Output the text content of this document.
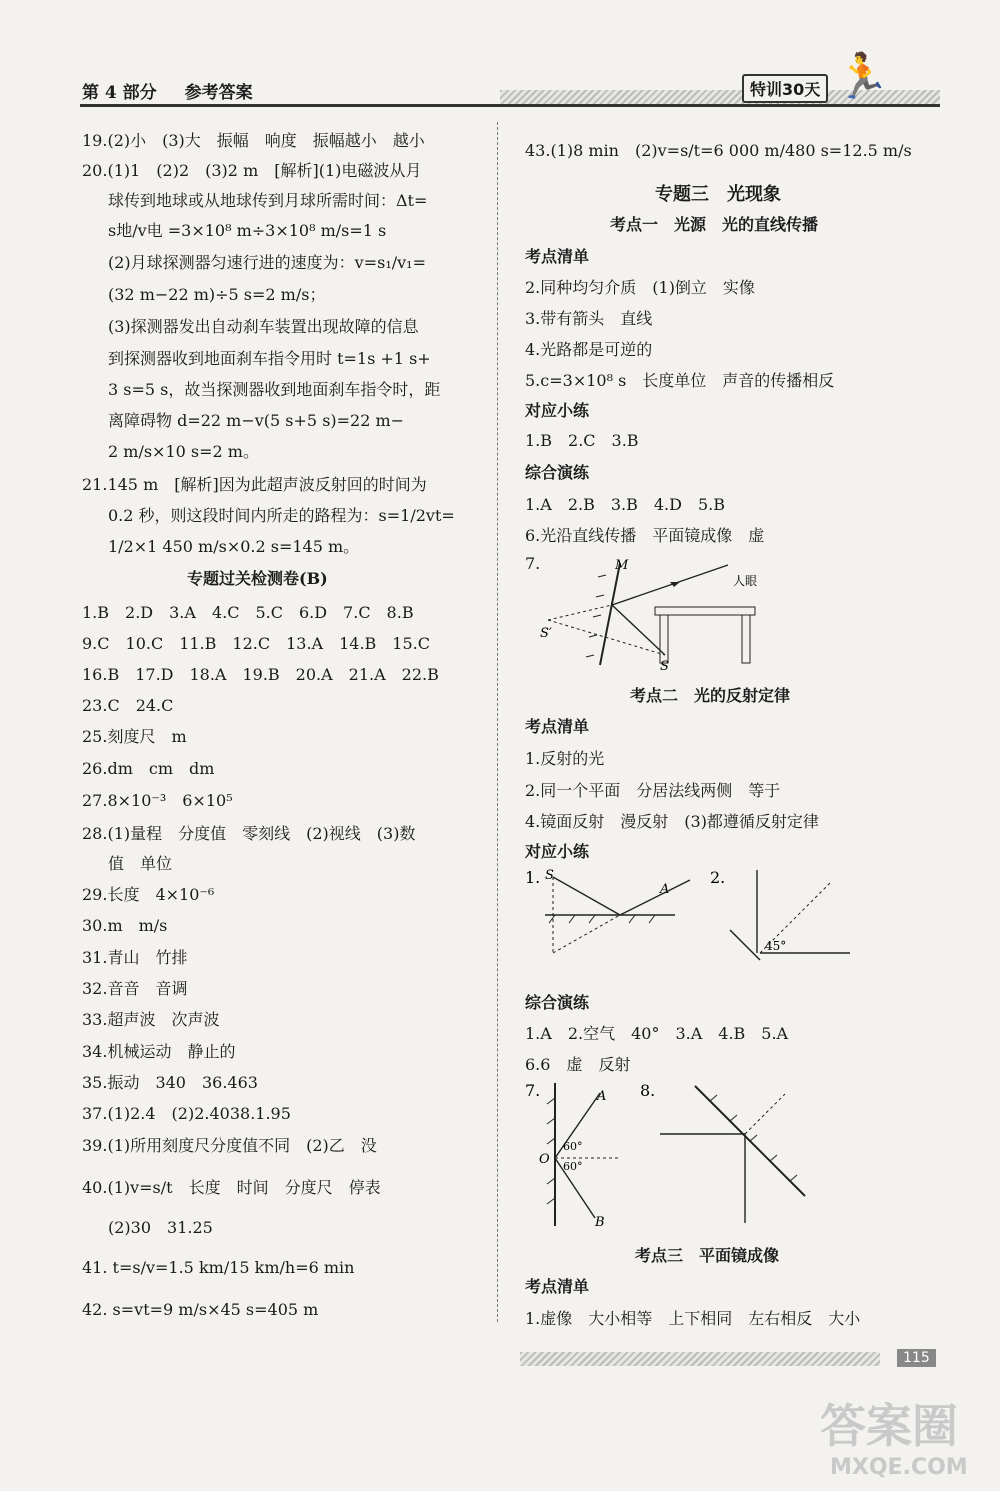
第 4 部分 参考答案	特训30天 🏃
19.(2)小　(3)大　振幅　响度　振幅越小　越小
20.(1)1　(2)2　(3)2 m　[解析](1)电磁波从月
球传到地球或从地球传到月球所需时间：Δt=
s地/v电 =3×10⁸ m÷3×10⁸ m/s=1 s
(2)月球探测器匀速行进的速度为：v=s₁/v₁=
(32 m−22 m)÷5 s=2 m/s；
(3)探测器发出自动刹车装置出现故障的信息
到探测器收到地面刹车指令用时 t=1s +1 s+
3 s=5 s，故当探测器收到地面刹车指令时，距
离障碍物 d=22 m−v(5 s+5 s)=22 m−
2 m/s×10 s=2 m。
21.145 m　[解析]因为此超声波反射回的时间为
0.2 秒，则这段时间内所走的路程为：s=1/2vt=
1/2×1 450 m/s×0.2 s=145 m。
专题过关检测卷(B)
1.B　2.D　3.A　4.C　5.C　6.D　7.C　8.B
9.C　10.C　11.B　12.C　13.A　14.B　15.C
16.B　17.D　18.A　19.B　20.A　21.A　22.B
23.C　24.C
25.刻度尺　m
26.dm　cm　dm
27.8×10⁻³　6×10⁵
28.(1)量程　分度值　零刻线　(2)视线　(3)数
值　单位
29.长度　4×10⁻⁶
30.m　m/s
31.青山　竹排
32.音音　音调
33.超声波　次声波
34.机械运动　静止的
35.振动　340　36.463
37.(1)2.4　(2)2.4038.1.95
39.(1)所用刻度尺分度值不同　(2)乙　没
40.(1)v=s/t　长度　时间　分度尺　停表
(2)30　31.25
41. t=s/v=1.5 km/15 km/h=6 min
42. s=vt=9 m/s×45 s=405 m
43.(1)8 min　(2)v=s/t=6 000 m/480 s=12.5 m/s
专题三　光现象
考点一　光源　光的直线传播
考点清单
2.同种均匀介质　(1)倒立　实像
3.带有箭头　直线
4.光路都是可逆的
5.c=3×10⁸ s　长度单位　声音的传播相反
对应小练
1.B　2.C　3.B
综合演练
1.A　2.B　3.B　4.D　5.B
6.光沿直线传播　平面镜成像　虚
7.	M
人眼
S
S′
考点二　光的反射定律
考点清单
1.反射的光
2.同一个平面　分居法线两侧　等于
4.镜面反射　漫反射　(3)都遵循反射定律
对应小练
1. S
A
2.
45°
综合演练
1.A　2.空气　40°　3.A　4.B　5.A
6.6　虚　反射
7.	A
B
O
60°
60°
8.
考点三　平面镜成像
考点清单
1.虚像　大小相等　上下相同　左右相反　大小
115
答案圈
MXQE.COM
